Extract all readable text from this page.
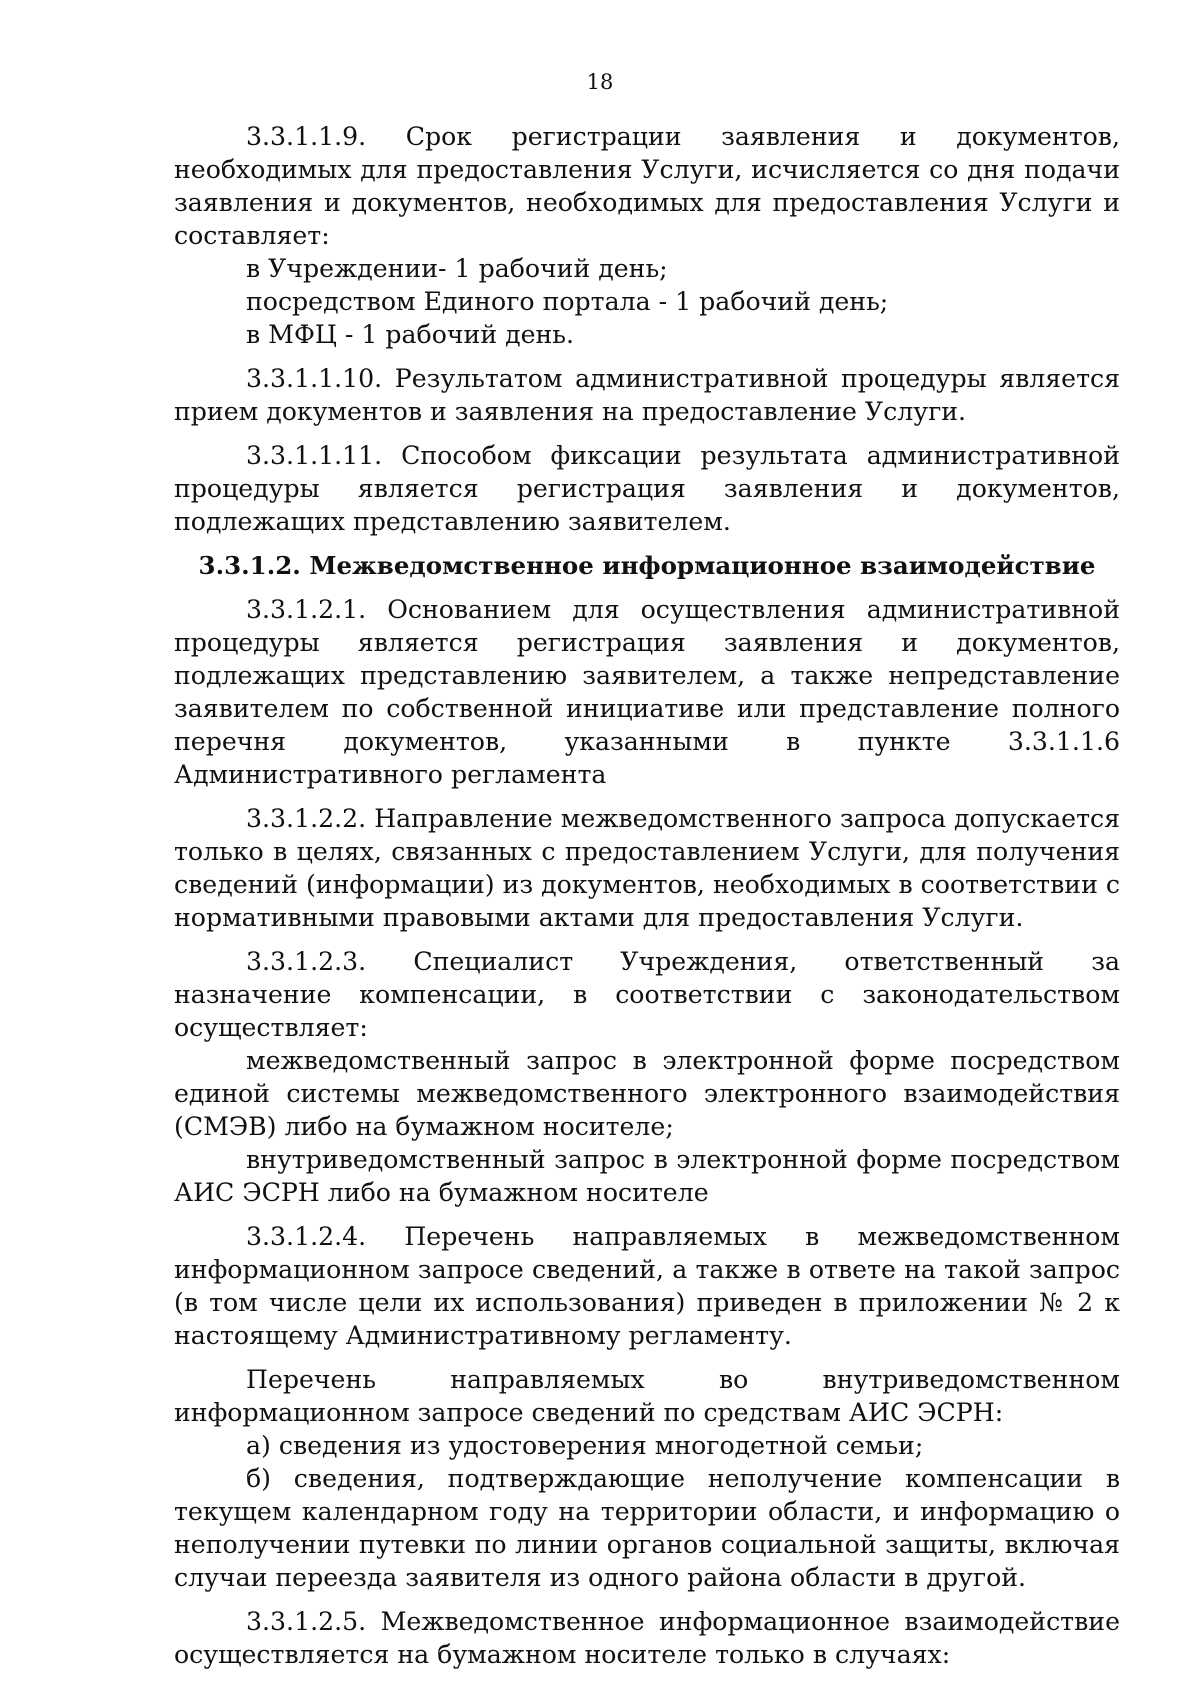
18

3.3.1.1.9. Срок регистрации заявления и документов, необходимых для предоставления Услуги, исчисляется со дня подачи заявления и документов, необходимых для предоставления Услуги и составляет:

в Учреждении- 1 рабочий день;

посредством Единого портала - 1 рабочий день;

в МФЦ - 1 рабочий день.

3.3.1.1.10. Результатом административной процедуры является прием документов и заявления на предоставление Услуги.

3.3.1.1.11. Способом фиксации результата административной процедуры является регистрация заявления и документов, подлежащих представлению заявителем.

3.3.1.2. Межведомственное информационное взаимодействие

3.3.1.2.1. Основанием для осуществления административной процедуры является регистрация заявления и документов, подлежащих представлению заявителем, а также непредставление заявителем по собственной инициативе или представление полного перечня документов, указанными в пункте 3.3.1.1.6 Административного регламента

3.3.1.2.2. Направление межведомственного запроса допускается только в целях, связанных с предоставлением Услуги, для получения сведений (информации) из документов, необходимых в соответствии с нормативными правовыми актами для предоставления Услуги.

3.3.1.2.3. Специалист Учреждения, ответственный за назначение компенсации, в соответствии с законодательством осуществляет:

межведомственный запрос в электронной форме посредством единой системы межведомственного электронного взаимодействия (СМЭВ) либо на бумажном носителе;

внутриведомственный запрос в электронной форме посредством АИС ЭСРН либо на бумажном носителе

3.3.1.2.4. Перечень направляемых в межведомственном информационном запросе сведений, а также в ответе на такой запрос (в том числе цели их использования) приведен в приложении № 2 к настоящему Административному регламенту.

Перечень направляемых во внутриведомственном информационном запросе сведений по средствам АИС ЭСРН:

а) сведения из удостоверения многодетной семьи;

б) сведения, подтверждающие неполучение компенсации в текущем календарном году на территории области, и информацию о неполучении путевки по линии органов социальной защиты, включая случаи переезда заявителя из одного района области в другой.

3.3.1.2.5. Межведомственное информационное взаимодействие осуществляется на бумажном носителе только в случаях:
